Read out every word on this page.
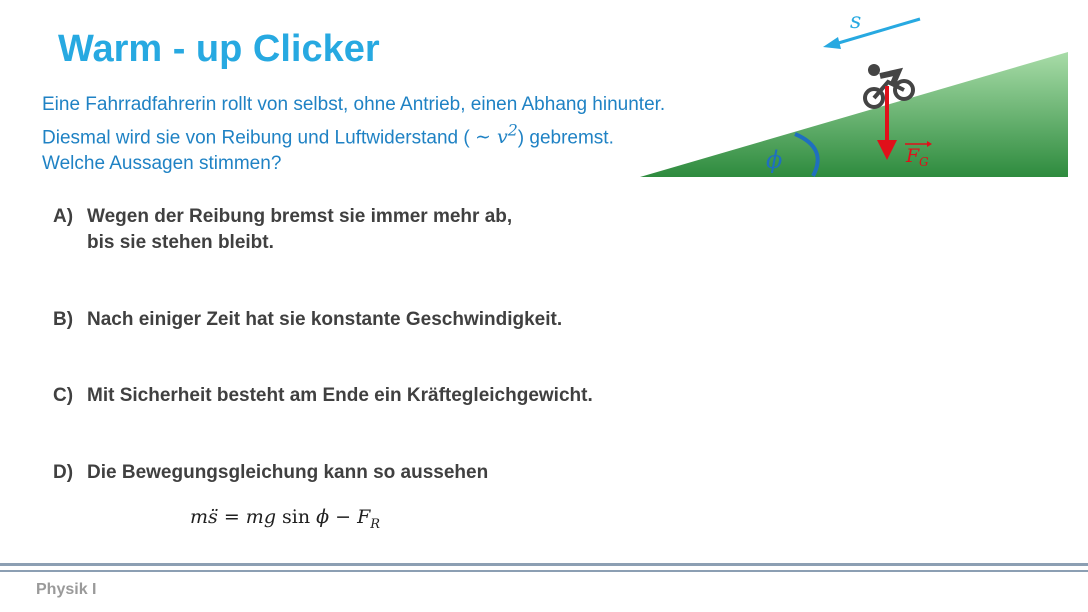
Warm - up Clicker
Eine Fahrradfahrerin rollt von selbst, ohne Antrieb, einen Abhang hinunter.
Diesmal wird sie von Reibung und Luftwiderstand ( ∼ $v^2$) gebremst.
Welche Aussagen stimmen?
A) Wegen der Reibung bremst sie immer mehr ab,
bis sie stehen bleibt.
B) Nach einiger Zeit hat sie konstante Geschwindigkeit.
C) Mit Sicherheit besteht am Ende ein Kräftegleichgewicht.
D) Die Bewegungsgleichung kann so aussehen
ms̈ = mg $\sin \phi - F_R$
s
ϕ	F G
Physik I
